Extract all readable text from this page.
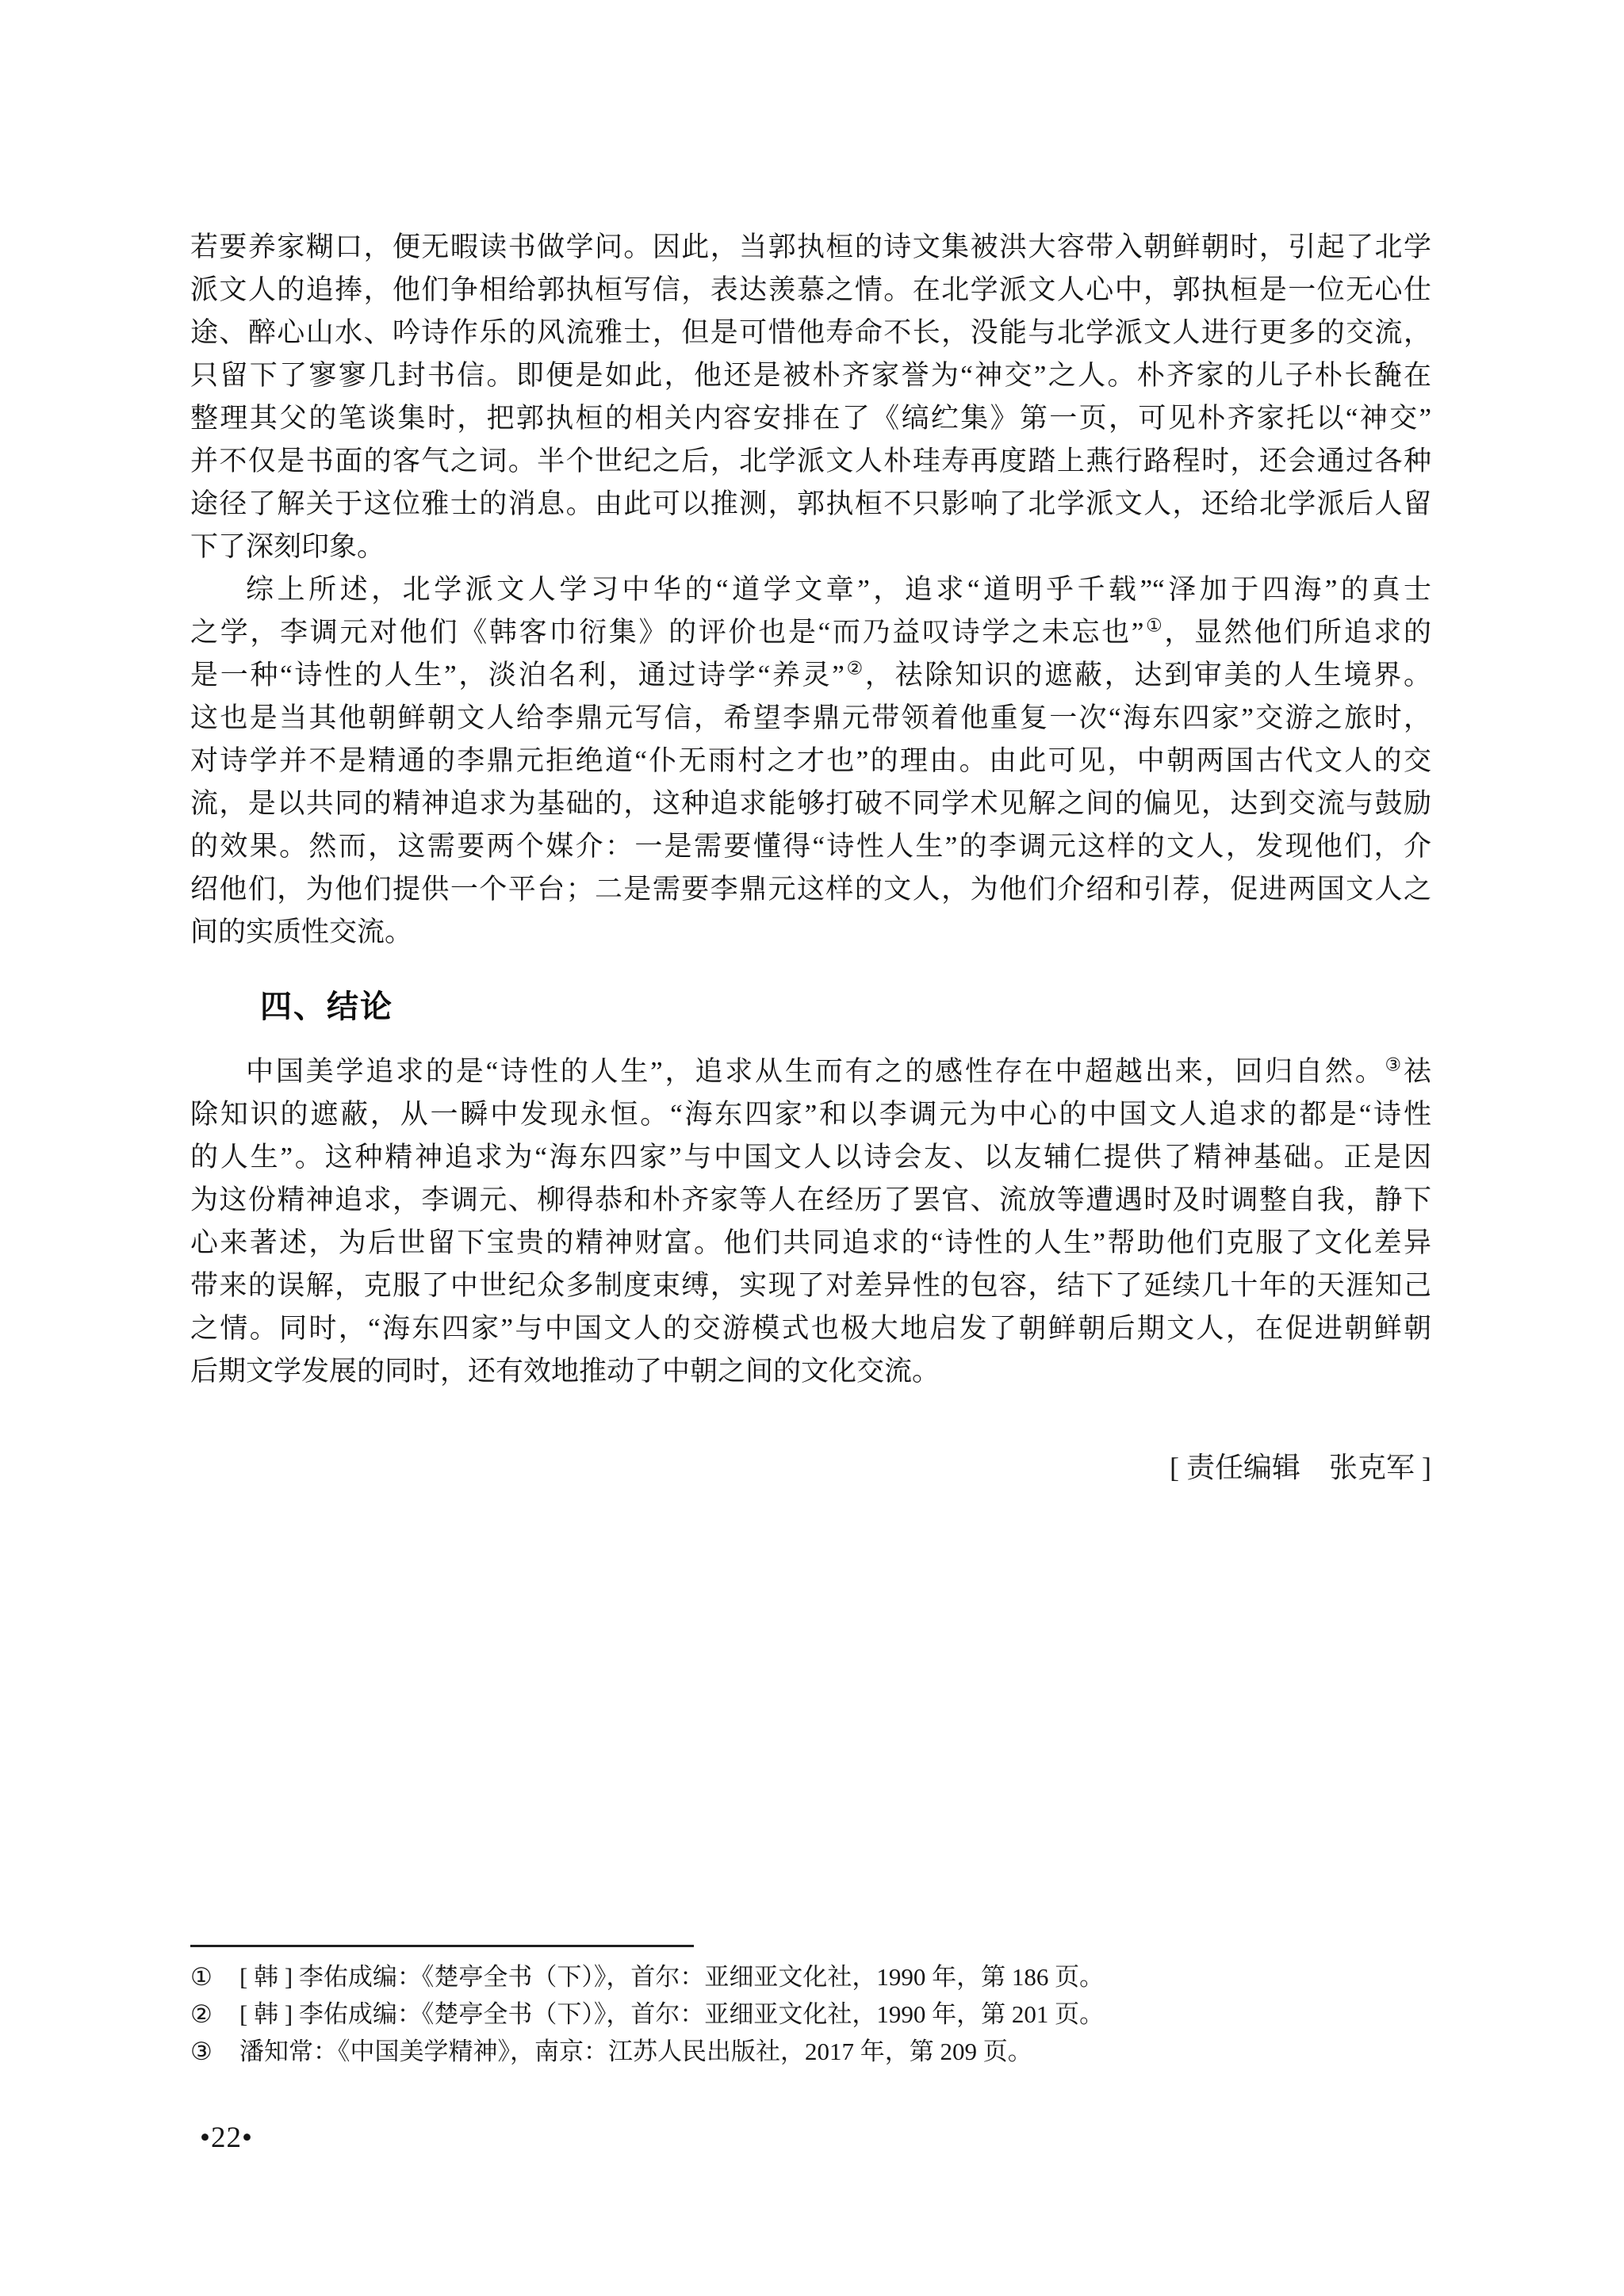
若要养家糊口，便无暇读书做学问。因此，当郭执桓的诗文集被洪大容带入朝鲜朝时，引起了北学
派文人的追捧，他们争相给郭执桓写信，表达羡慕之情。在北学派文人心中，郭执桓是一位无心仕
途、醉心山水、吟诗作乐的风流雅士，但是可惜他寿命不长，没能与北学派文人进行更多的交流，
只留下了寥寥几封书信。即便是如此，他还是被朴齐家誉为“神交”之人。朴齐家的儿子朴长馣在
整理其父的笔谈集时，把郭执桓的相关内容安排在了《缟纻集》第一页，可见朴齐家托以“神交”
并不仅是书面的客气之词。半个世纪之后，北学派文人朴珪寿再度踏上燕行路程时，还会通过各种
途径了解关于这位雅士的消息。由此可以推测，郭执桓不只影响了北学派文人，还给北学派后人留
下了深刻印象。
综上所述，北学派文人学习中华的“道学文章”，追求“道明乎千载”“泽加于四海”的真士
之学，李调元对他们《韩客巾衍集》的评价也是“而乃益叹诗学之未忘也”①，显然他们所追求的
是一种“诗性的人生”，淡泊名利，通过诗学“养灵”②，祛除知识的遮蔽，达到审美的人生境界。
这也是当其他朝鲜朝文人给李鼎元写信，希望李鼎元带领着他重复一次“海东四家”交游之旅时，
对诗学并不是精通的李鼎元拒绝道“仆无雨村之才也”的理由。由此可见，中朝两国古代文人的交
流，是以共同的精神追求为基础的，这种追求能够打破不同学术见解之间的偏见，达到交流与鼓励
的效果。然而，这需要两个媒介：一是需要懂得“诗性人生”的李调元这样的文人，发现他们，介
绍他们，为他们提供一个平台；二是需要李鼎元这样的文人，为他们介绍和引荐，促进两国文人之
间的实质性交流。
四、结论
中国美学追求的是“诗性的人生”，追求从生而有之的感性存在中超越出来，回归自然。③祛
除知识的遮蔽，从一瞬中发现永恒。“海东四家”和以李调元为中心的中国文人追求的都是“诗性
的人生”。这种精神追求为“海东四家”与中国文人以诗会友、以友辅仁提供了精神基础。正是因
为这份精神追求，李调元、柳得恭和朴齐家等人在经历了罢官、流放等遭遇时及时调整自我，静下
心来著述，为后世留下宝贵的精神财富。他们共同追求的“诗性的人生”帮助他们克服了文化差异
带来的误解，克服了中世纪众多制度束缚，实现了对差异性的包容，结下了延续几十年的天涯知己
之情。同时，“海东四家”与中国文人的交游模式也极大地启发了朝鲜朝后期文人，在促进朝鲜朝
后期文学发展的同时，还有效地推动了中朝之间的文化交流。
[ 责任编辑　张克军 ]
①	[ 韩 ] 李佑成编：《楚亭全书（下）》，首尔：亚细亚文化社，1990 年，第 186 页。
②	[ 韩 ] 李佑成编：《楚亭全书（下）》，首尔：亚细亚文化社，1990 年，第 201 页。
③	潘知常：《中国美学精神》，南京：江苏人民出版社，2017 年，第 209 页。
•22•
